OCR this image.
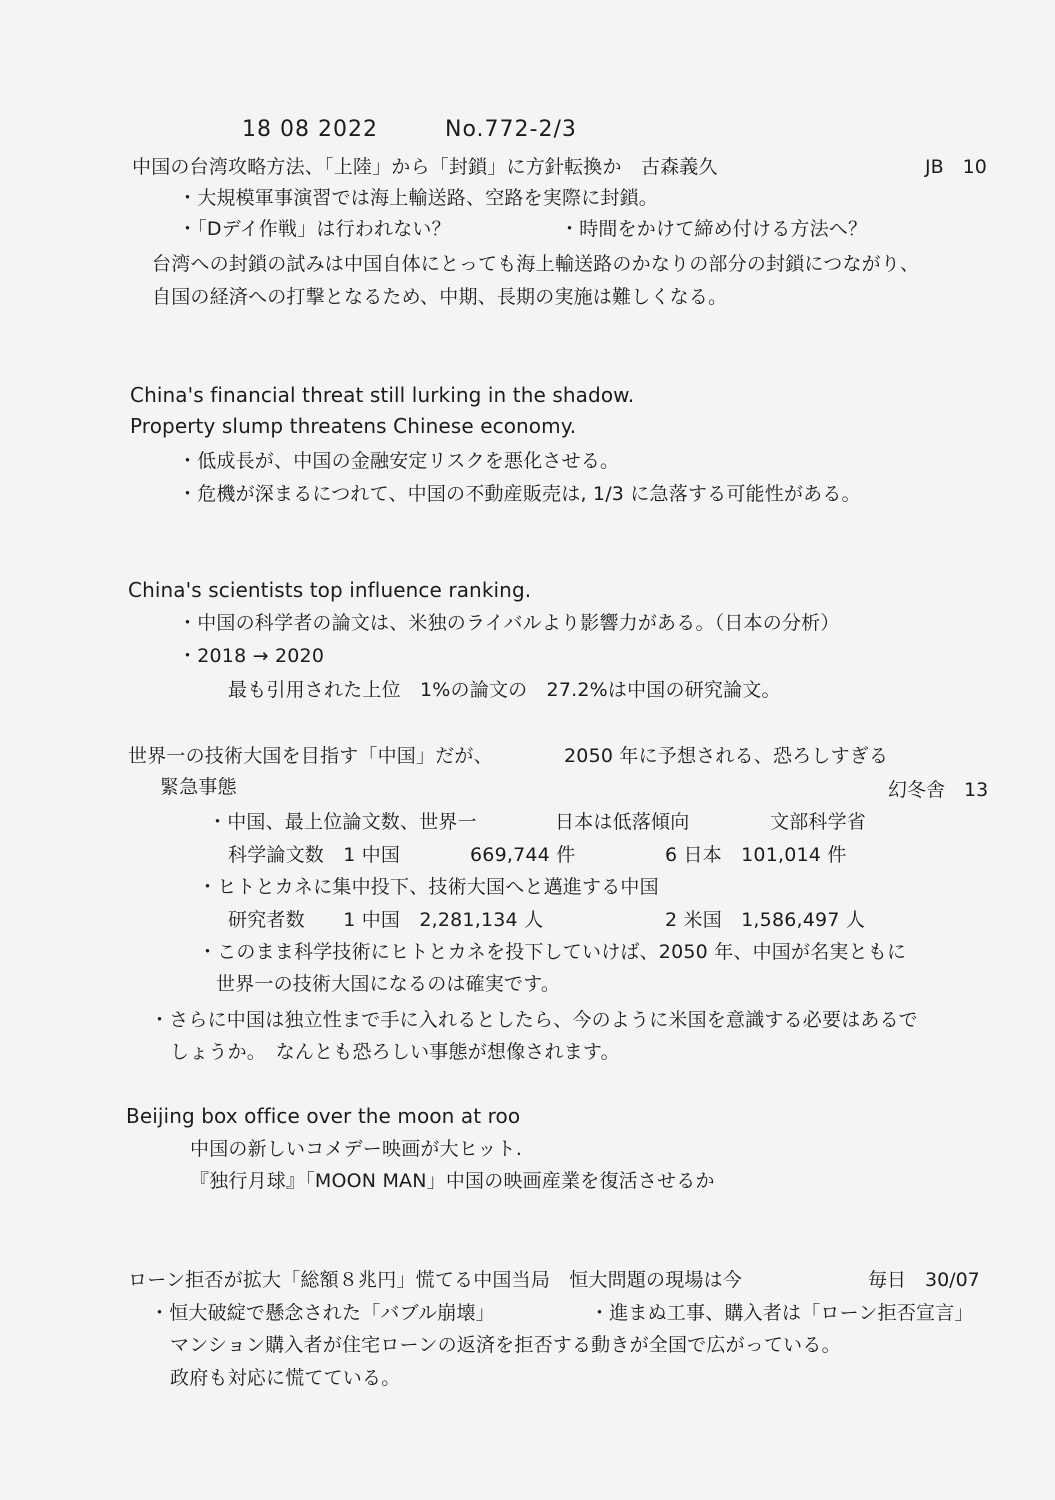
18 08 2022	No.772-2/3
中国の台湾攻略方法、「上陸」から「封鎖」に方針転換か　古森義久	JB　10
・大規模軍事演習では海上輸送路、空路を実際に封鎖。
・「Dデイ作戦」は行われない？	・時間をかけて締め付ける方法へ？
台湾への封鎖の試みは中国自体にとっても海上輸送路のかなりの部分の封鎖につながり、
自国の経済への打撃となるため、中期、長期の実施は難しくなる。
China's financial threat still lurking in the shadow.
Property slump threatens Chinese economy.
・低成長が、中国の金融安定リスクを悪化させる。
・危機が深まるにつれて、中国の不動産販売は, 1/3 に急落する可能性がある。
China's scientists top influence ranking.
・中国の科学者の論文は、米独のライバルより影響力がある。（日本の分析）
・2018 → 2020
最も引用された上位　1%の論文の　27.2%は中国の研究論文。
世界一の技術大国を目指す「中国」だが、	2050 年に予想される、恐ろしすぎる
緊急事態	幻冬舎　13
・中国、最上位論文数、世界一	日本は低落傾向	文部科学省
科学論文数　1 中国	669,744 件	6 日本　101,014 件
・ヒトとカネに集中投下、技術大国へと邁進する中国
研究者数　　1 中国　2,281,134 人	2 米国　1,586,497 人
・このまま科学技術にヒトとカネを投下していけば、2050 年、中国が名実ともに
世界一の技術大国になるのは確実です。
・さらに中国は独立性まで手に入れるとしたら、今のように米国を意識する必要はあるで
しょうか。　なんとも恐ろしい事態が想像されます。
Beijing box office over the moon at roo
中国の新しいコメデー映画が大ヒット.
『独行月球』「MOON MAN」中国の映画産業を復活させるか
ローン拒否が拡大「総額８兆円」慌てる中国当局　恒大問題の現場は今	毎日　30/07
・恒大破綻で懸念された「バブル崩壊」	・進まぬ工事、購入者は「ローン拒否宣言」
マンション購入者が住宅ローンの返済を拒否する動きが全国で広がっている。
政府も対応に慌てている。
